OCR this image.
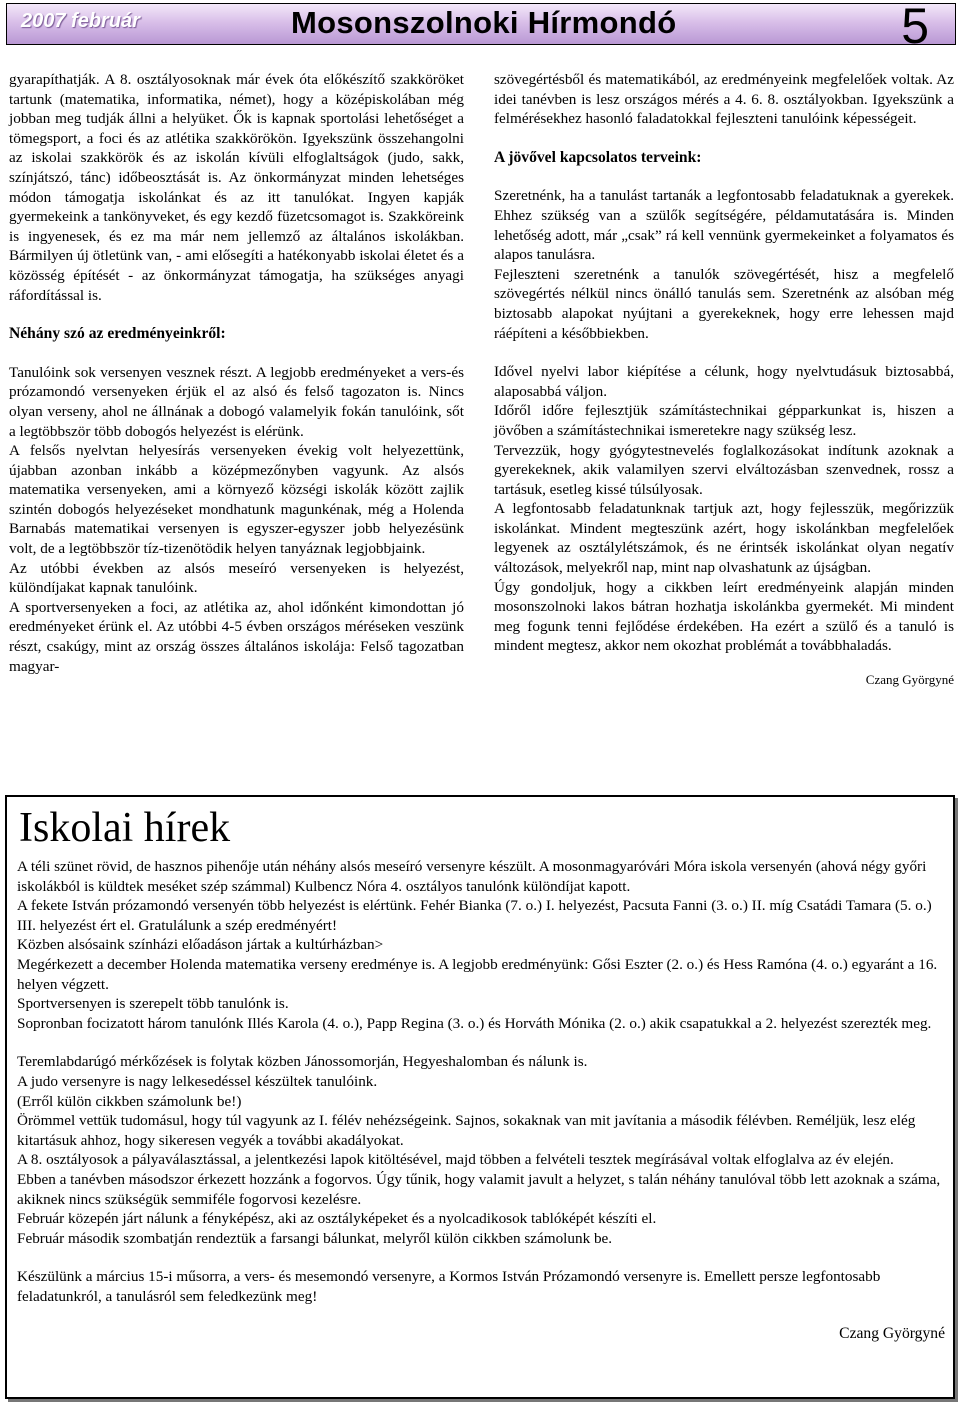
2007 február	Mosonszolnoki Hírmondó	5

gyarapíthatják. A 8. osztályosoknak már évek óta előkészítő szakköröket tartunk (matematika, informatika, német), hogy a középiskolában még jobban meg tudják állni a helyüket. Ők is kapnak sportolási lehetőséget a tömegsport, a foci és az atlétika szakkörökön. Igyekszünk összehangolni az iskolai szakkörök és az iskolán kívüli elfoglaltságok (judo, sakk, színjátszó, tánc) időbeosztását is. Az önkormányzat minden lehetséges módon támogatja iskolánkat és az itt tanulókat. Ingyen kapják gyermekeink a tankönyveket, és egy kezdő füzetcsomagot is. Szakköreink is ingyenesek, és ez ma már nem jellemző az általános iskolákban. Bármilyen új ötletünk van, - ami elősegíti a hatékonyabb iskolai életet és a közösség építését - az önkormányzat támogatja, ha szükséges anyagi ráfordítással is.

Néhány szó az eredményeinkről:

Tanulóink sok versenyen vesznek részt. A legjobb eredményeket a vers-és prózamondó versenyeken érjük el az alsó és felső tagozaton is. Nincs olyan verseny, ahol ne állnának a dobogó valamelyik fokán tanulóink, sőt a legtöbbször több dobogós helyezést is elérünk.

A felsős nyelvtan helyesírás versenyeken évekig volt helyezettünk, újabban azonban inkább a középmezőnyben vagyunk. Az alsós matematika versenyeken, ami a környező községi iskolák között zajlik szintén dobogós helyezéseket mondhatunk magunkénak, még a Holenda Barnabás matematikai versenyen is egyszer-egyszer jobb helyezésünk volt, de a legtöbbször tíz-tizenötödik helyen tanyáznak legjobbjaink.

Az utóbbi években az alsós meseíró versenyeken is helyezést, különdíjakat kapnak tanulóink.

A sportversenyeken a foci, az atlétika az, ahol időnként kimondottan jó eredményeket érünk el. Az utóbbi 4-5 évben országos méréseken veszünk részt, csakúgy, mint az ország összes általános iskolája: Felső tagozatban magyar-

szövegértésből és matematikából, az eredményeink megfelelőek voltak. Az idei tanévben is lesz országos mérés a 4. 6. 8. osztályokban. Igyekszünk a felmérésekhez hasonló faladatokkal fejleszteni tanulóink képességeit.

A jövővel kapcsolatos terveink:

Szeretnénk, ha a tanulást tartanák a legfontosabb feladatuknak a gyerekek. Ehhez szükség van a szülők segítségére, példamutatására is. Minden lehetőség adott, már „csak” rá kell vennünk gyermekeinket a folyamatos és alapos tanulásra.

Fejleszteni szeretnénk a tanulók szövegértését, hisz a megfelelő szövegértés nélkül nincs önálló tanulás sem. Szeretnénk az alsóban még biztosabb alapokat nyújtani a gyerekeknek, hogy erre lehessen majd ráépíteni a későbbiekben.

Idővel nyelvi labor kiépítése a célunk, hogy nyelvtudásuk biztosabbá, alaposabbá váljon.

Időről időre fejlesztjük számítástechnikai gépparkunkat is, hiszen a jövőben a számítástechnikai ismeretekre nagy szükség lesz.

Tervezzük, hogy gyógytestnevelés foglalkozásokat indítunk azoknak a gyerekeknek, akik valamilyen szervi elváltozásban szenvednek, rossz a tartásuk, esetleg kissé túlsúlyosak.

A legfontosabb feladatunknak tartjuk azt, hogy fejlesszük, megőrizzük iskolánkat. Mindent megteszünk azért, hogy iskolánkban megfelelőek legyenek az osztálylétszámok, és ne érintsék iskolánkat olyan negatív változások, melyekről nap, mint nap olvashatunk az újságban.

Úgy gondoljuk, hogy a cikkben leírt eredményeink alapján minden mosonszolnoki lakos bátran hozhatja iskolánkba gyermekét. Mi mindent meg fogunk tenni fejlődése érdekében. Ha ezért a szülő és a tanuló is mindent megtesz, akkor nem okozhat problémát a továbbhaladás.

Czang Györgyné
Iskolai hírek

A téli szünet rövid, de hasznos pihenője után néhány alsós meseíró versenyre készült. A mosonmagyaróvári Móra iskola versenyén (ahová négy győri iskolákból is küldtek meséket szép számmal) Kulbencz Nóra 4. osztályos tanulónk különdíjat kapott.

A fekete István prózamondó versenyén több helyezést is elértünk. Fehér Bianka (7. o.) I. helyezést, Pacsuta Fanni (3. o.) II. míg Csatádi Tamara (5. o.) III. helyezést ért el. Gratulálunk a szép eredményért!

Közben alsósaink színházi előadáson jártak a kultúrházban>

Megérkezett a december Holenda matematika verseny eredménye is. A legjobb eredményünk: Gősi Eszter (2. o.) és Hess Ramóna (4. o.) egyaránt a 16. helyen végzett.

Sportversenyen is szerepelt több tanulónk is.

Sopronban focizatott három tanulónk Illés Karola (4. o.), Papp Regina (3. o.) és Horváth Mónika (2. o.) akik csapatukkal a 2. helyezést szerezték meg.

Teremlabdarúgó mérkőzések is folytak közben Jánossomorján, Hegyeshalomban és nálunk is.

A judo versenyre is nagy lelkesedéssel készültek tanulóink.

(Erről külön cikkben számolunk be!)

Örömmel vettük tudomásul, hogy túl vagyunk az I. félév nehézségeink. Sajnos, sokaknak van mit javítania a második félévben. Reméljük, lesz elég kitartásuk ahhoz, hogy sikeresen vegyék a további akadályokat.

A 8. osztályosok a pályaválasztással, a jelentkezési lapok kitöltésével, majd többen a felvételi tesztek megírásával voltak elfoglalva az év elején.

Ebben a tanévben másodszor érkezett hozzánk a fogorvos. Úgy tűnik, hogy valamit javult a helyzet, s talán néhány tanulóval több lett azoknak a száma, akiknek nincs szükségük semmiféle fogorvosi kezelésre.

Február közepén járt nálunk a fényképész, aki az osztályképeket és a nyolcadikosok tablóképét készíti el.

Február második szombatján rendeztük a farsangi bálunkat, melyről külön cikkben számolunk be.

Készülünk a március 15-i műsorra, a vers- és mesemondó versenyre, a Kormos István Prózamondó versenyre is. Emellett persze legfontosabb feladatunkról, a tanulásról sem feledkezünk meg!

Czang Györgyné
